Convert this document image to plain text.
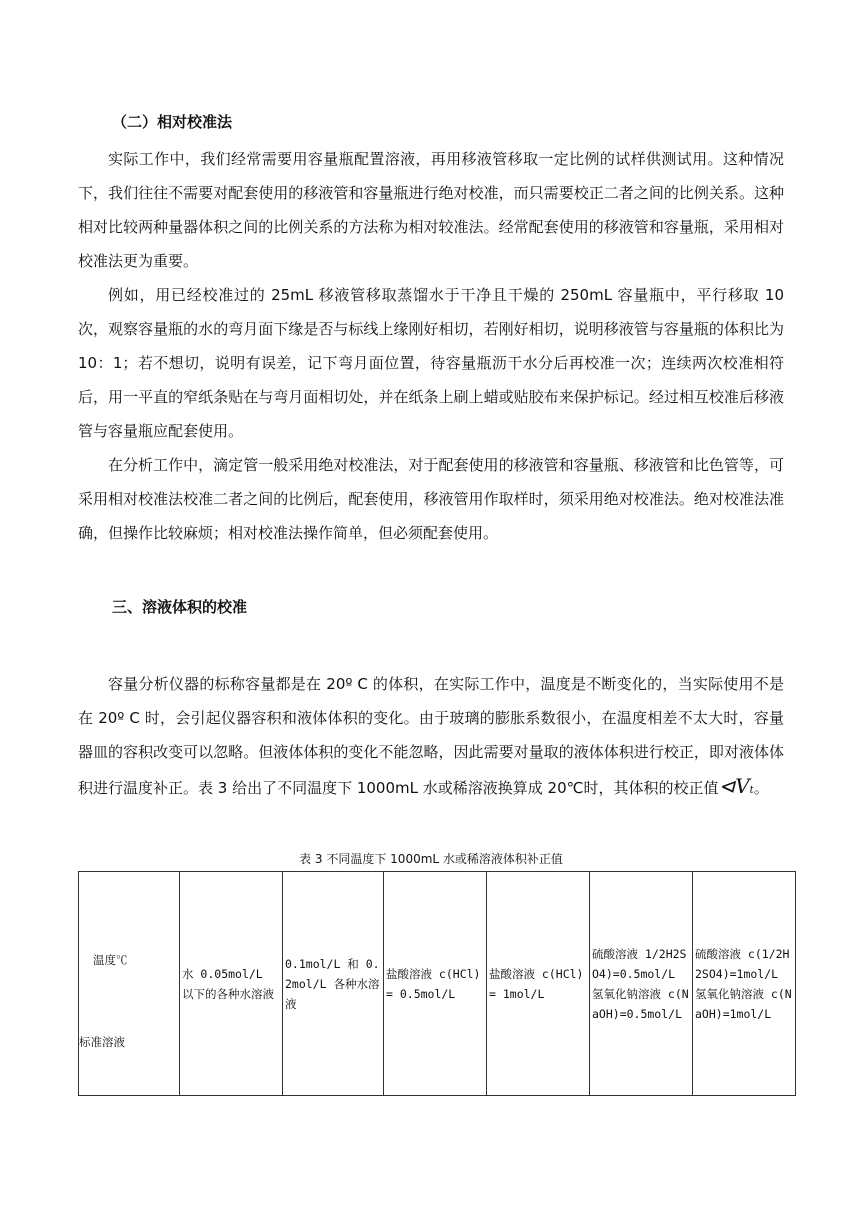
（二）相对校准法

实际工作中，我们经常需要用容量瓶配置溶液，再用移液管移取一定比例的试样供测试用。这种情况下，我们往往不需要对配套使用的移液管和容量瓶进行绝对校准，而只需要校正二者之间的比例关系。这种相对比较两种量器体积之间的比例关系的方法称为相对较准法。经常配套使用的移液管和容量瓶，采用相对校准法更为重要。

例如，用已经校准过的 25mL 移液管移取蒸馏水于干净且干燥的 250mL 容量瓶中，平行移取 10 次，观察容量瓶的水的弯月面下缘是否与标线上缘刚好相切，若刚好相切，说明移液管与容量瓶的体积比为 10：1；若不想切，说明有误差，记下弯月面位置，待容量瓶沥干水分后再校准一次；连续两次校准相符后，用一平直的窄纸条贴在与弯月面相切处，并在纸条上刷上蜡或贴胶布来保护标记。经过相互校准后移液管与容量瓶应配套使用。

在分析工作中，滴定管一般采用绝对校准法，对于配套使用的移液管和容量瓶、移液管和比色管等，可采用相对校准法校准二者之间的比例后，配套使用，移液管用作取样时，须采用绝对校准法。绝对校准法准确，但操作比较麻烦；相对校准法操作简单，但必须配套使用。

三、溶液体积的校准

容量分析仪器的标称容量都是在 20º C 的体积，在实际工作中，温度是不断变化的，当实际使用不是在 20º C 时，会引起仪器容积和液体体积的变化。由于玻璃的膨胀系数很小，在温度相差不太大时，容量器皿的容积改变可以忽略。但液体体积的变化不能忽略，因此需要对量取的液体体积进行校正，即对液体体积进行温度补正。表 3 给出了不同温度下 1000mL 水或稀溶液换算成 20℃时，其体积的校正值⊲Vt。

表 3 不同温度下 1000mL 水或稀溶液体积补正值
温度℃
标准溶液
	水 0.05mol/L 以下的各种水溶液	0.1mol/L 和 0.2mol/L 各种水溶液	盐酸溶液 c(HCl)= 0.5mol/L	盐酸溶液 c(HCl)= 1mol/L	硫酸溶液 1/2H2SO4)=0.5mol/L 氢氧化钠溶液 c(NaOH)=0.5mol/L	硫酸溶液 c(1/2H2SO4)=1mol/L 氢氧化钠溶液 c(NaOH)=1mol/L
